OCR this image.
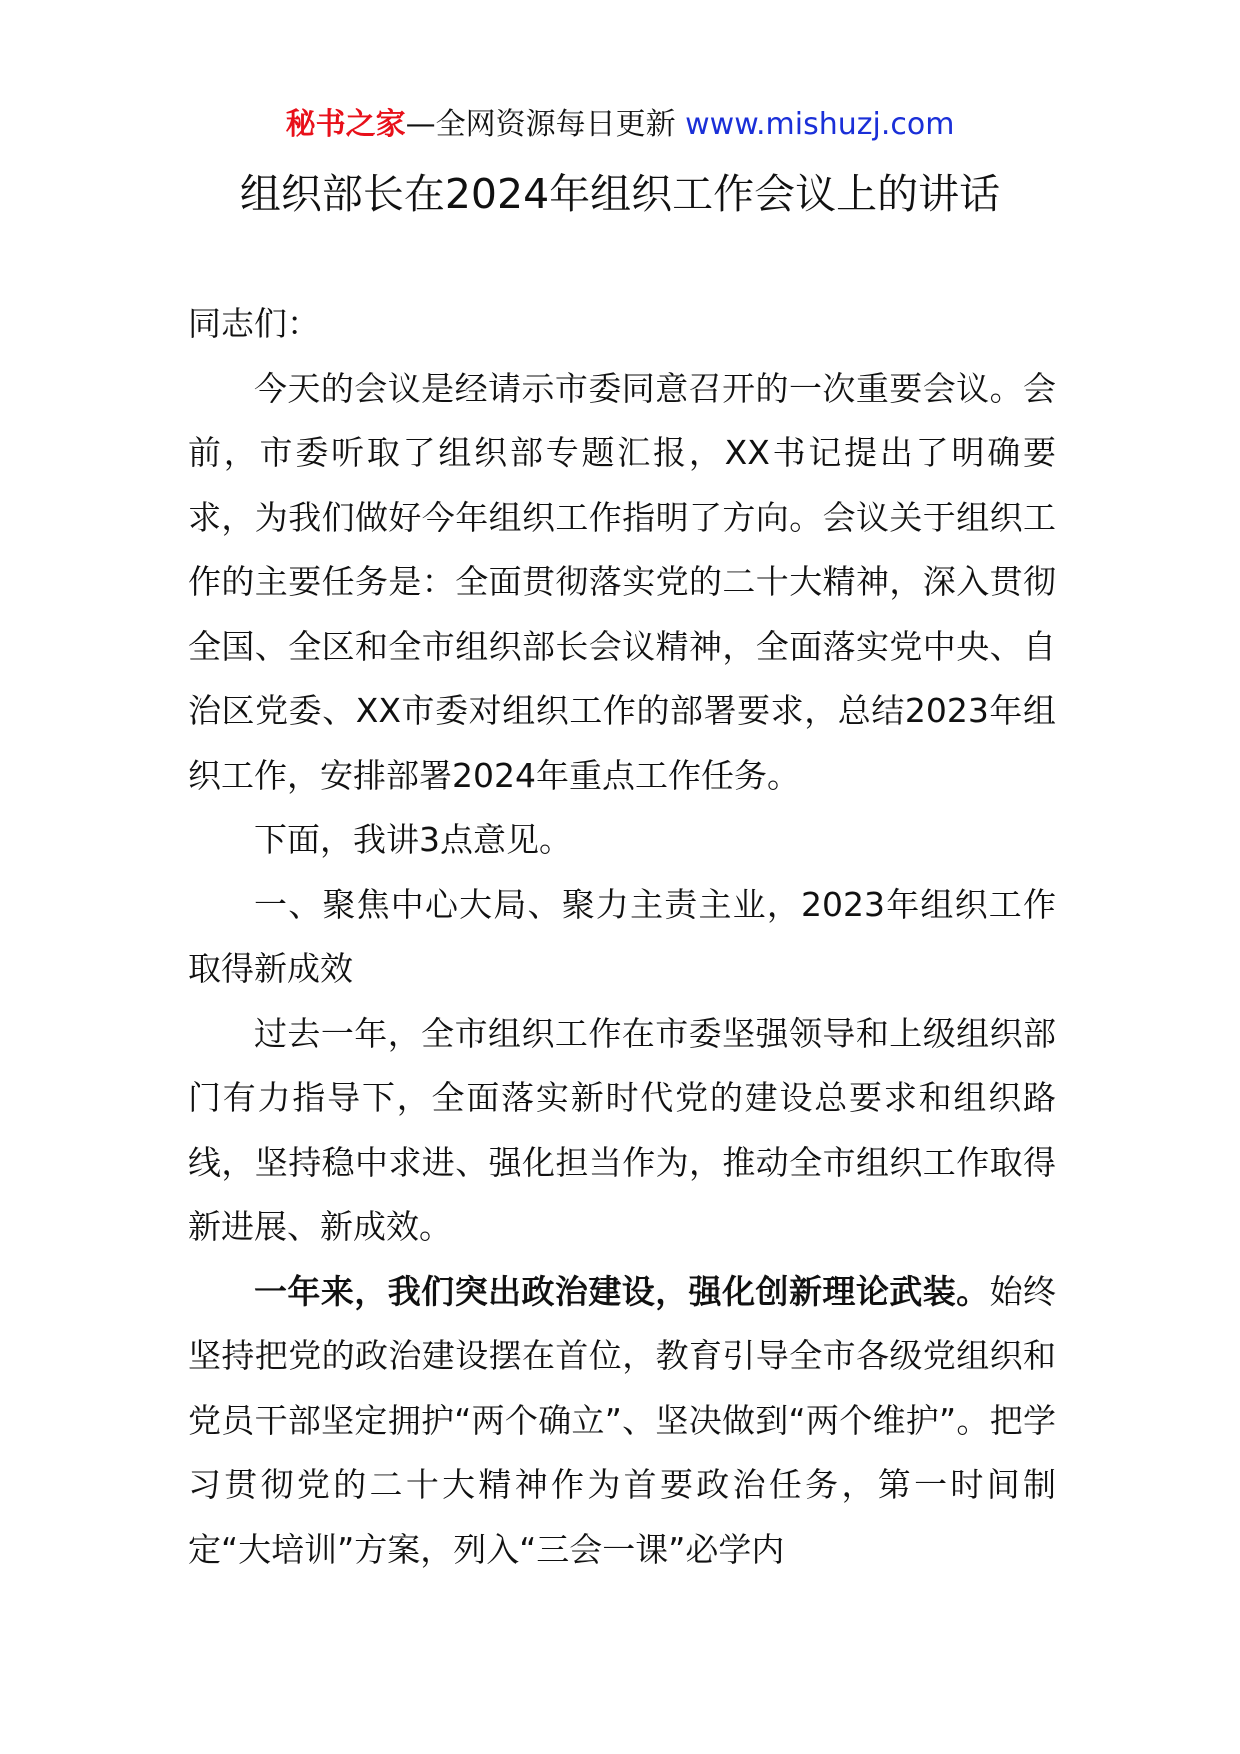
秘书之家—全网资源每日更新 www.mishuzj.com
组织部长在2024年组织工作会议上的讲话

同志们：

今天的会议是经请示市委同意召开的一次重要会议。会前，市委听取了组织部专题汇报，XX书记提出了明确要求，为我们做好今年组织工作指明了方向。会议关于组织工作的主要任务是：全面贯彻落实党的二十大精神，深入贯彻全国、全区和全市组织部长会议精神，全面落实党中央、自治区党委、XX市委对组织工作的部署要求，总结2023年组织工作，安排部署2024年重点工作任务。

下面，我讲3点意见。

一、聚焦中心大局、聚力主责主业，2023年组织工作取得新成效

过去一年，全市组织工作在市委坚强领导和上级组织部门有力指导下，全面落实新时代党的建设总要求和组织路线，坚持稳中求进、强化担当作为，推动全市组织工作取得新进展、新成效。

一年来，我们突出政治建设，强化创新理论武装。始终坚持把党的政治建设摆在首位，教育引导全市各级党组织和党员干部坚定拥护“两个确立”、坚决做到“两个维护”。把学习贯彻党的二十大精神作为首要政治任务，第一时间制定“大培训”方案，列入“三会一课”必学内
